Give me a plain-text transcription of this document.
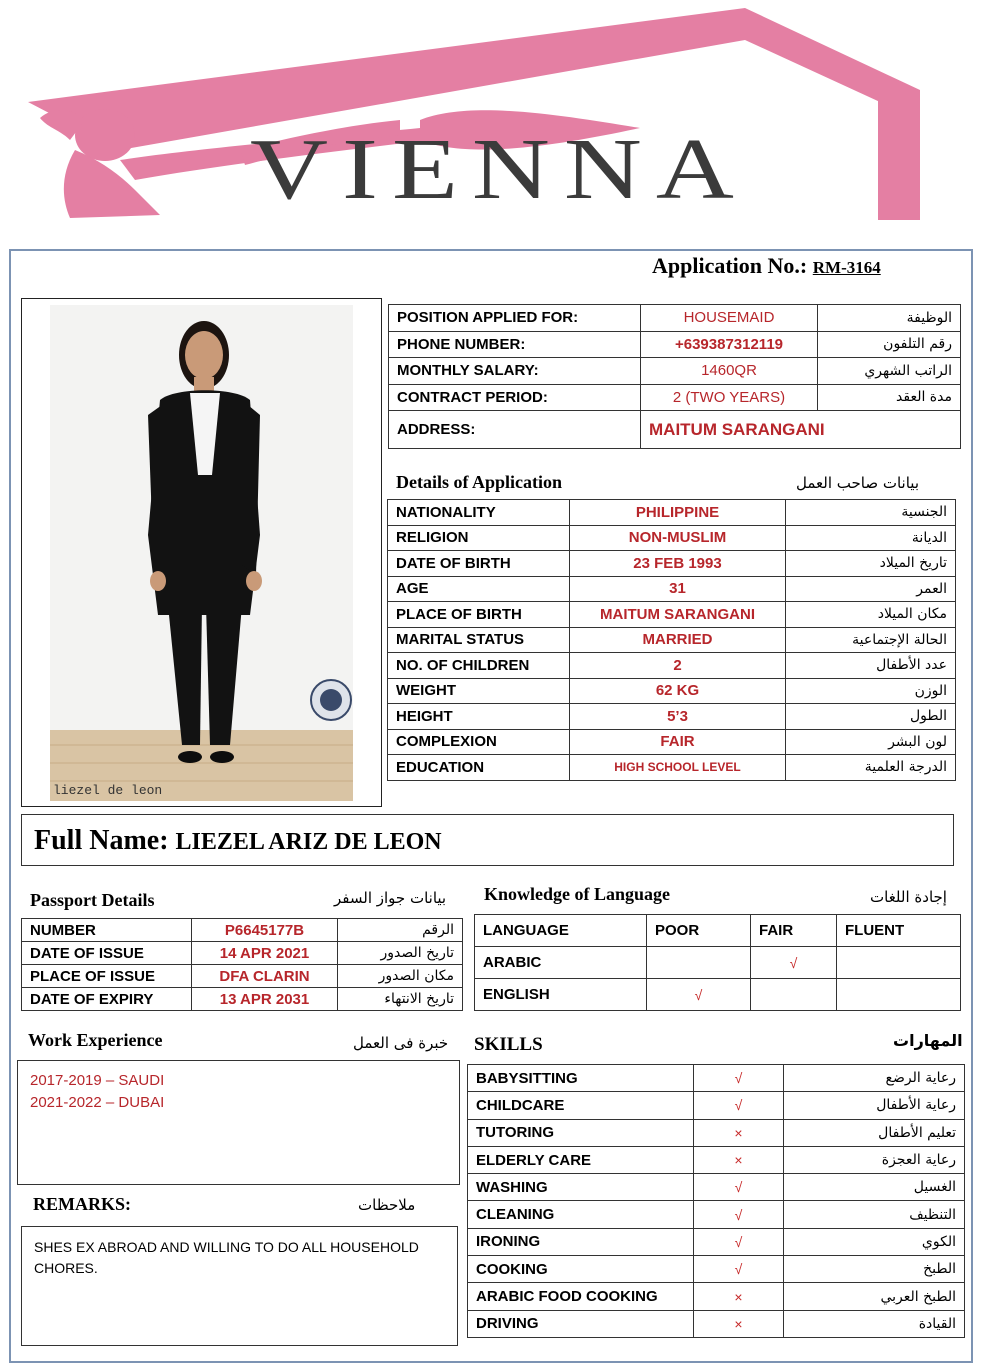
VIENNA
Application No.: RM-3164
liezel de leon
POSITION APPLIED FOR:	HOUSEMAID	الوظيفة
PHONE NUMBER:	+639387312119	رقم التلفون
MONTHLY SALARY:	1460QR	الراتب الشهري
CONTRACT PERIOD:	2 (TWO YEARS)	مدة العقد
ADDRESS:	MAITUM SARANGANI	
Details of Application	بيانات صاحب العمل
NATIONALITY	PHILIPPINE	الجنسية
RELIGION	NON-MUSLIM	الديانة
DATE OF BIRTH	23 FEB 1993	تاريخ الميلاد
AGE	31	العمر
PLACE OF BIRTH	MAITUM SARANGANI	مكان الميلاد
MARITAL STATUS	MARRIED	الحالة الإجتماعية
NO. OF CHILDREN	2	عدد الأطفال
WEIGHT	62 KG	الوزن
HEIGHT	5’3	الطول
COMPLEXION	FAIR	لون البشر
EDUCATION	HIGH SCHOOL LEVEL	الدرجة العلمية
Full Name: LIEZEL ARIZ DE LEON
Passport Details	بيانات جواز السفر
NUMBER	P6645177B	الرقم
DATE OF ISSUE	14 APR 2021	تاريخ الصدور
PLACE OF ISSUE	DFA CLARIN	مكان الصدور
DATE OF EXPIRY	13 APR 2031	تاريخ الانتهاء
Knowledge of Language	إجادة اللغات
LANGUAGE	POOR	FAIR	FLUENT
ARABIC		√	
ENGLISH	√		
Work Experience	خبرة فى العمل
2017-2019 – SAUDI
2021-2022 – DUBAI
REMARKS:	ملاحظات
SHES EX ABROAD AND WILLING TO DO ALL HOUSEHOLD CHORES.
SKILLS	المهارات
BABYSITTING	√	رعاية الرضع
CHILDCARE	√	رعاية الأطفال
TUTORING	×	تعليم الأطفال
ELDERLY CARE	×	رعاية العجزة
WASHING	√	الغسيل
CLEANING	√	التنظيف
IRONING	√	الكوي
COOKING	√	الطبخ
ARABIC FOOD COOKING	×	الطبخ العربي
DRIVING	×	القيادة
